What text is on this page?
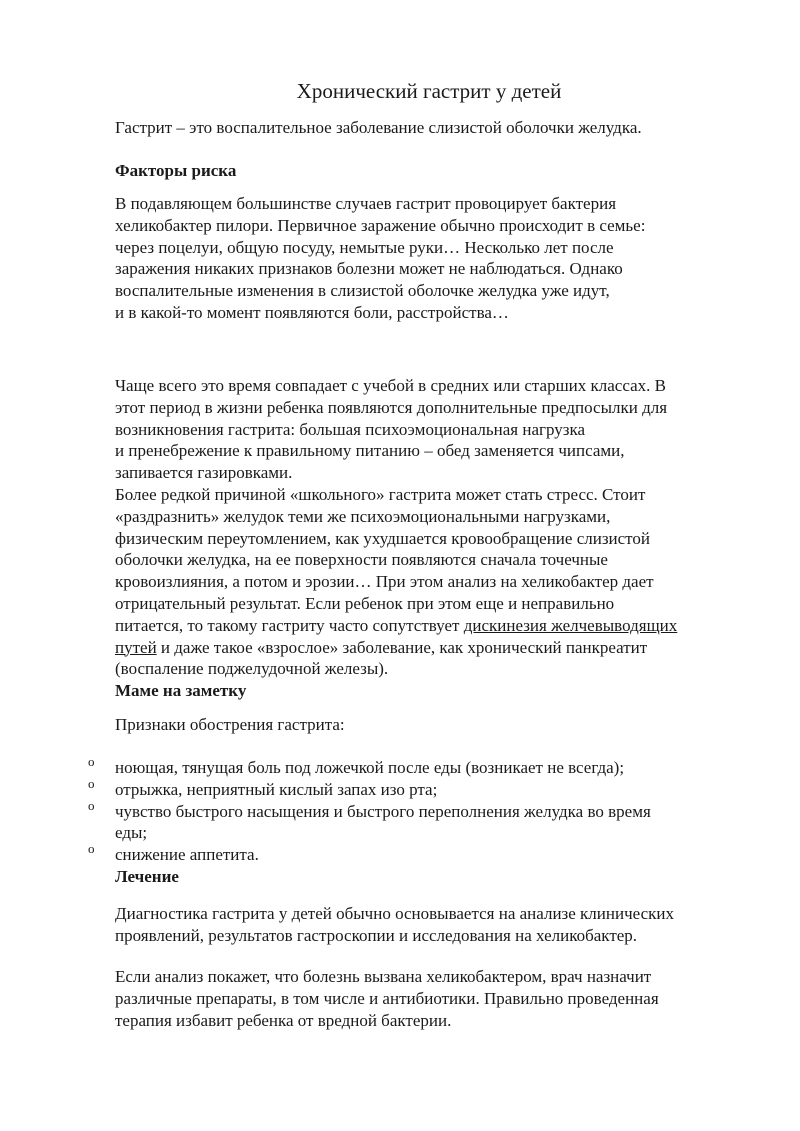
Хронический гастрит у детей

Гастрит – это воспалительное заболевание слизистой оболочки желудка.

Факторы риска

В подавляющем большинстве случаев гастрит провоцирует бактерия
хеликобактер пилори. Первичное заражение обычно происходит в семье:
через поцелуи, общую посуду, немытые руки… Несколько лет после
заражения никаких признаков болезни может не наблюдаться. Однако
воспалительные изменения в слизистой оболочке желудка уже идут,
и в какой-то момент появляются боли, расстройства…

Чаще всего это время совпадает с учебой в средних или старших классах. В
этот период в жизни ребенка появляются дополнительные предпосылки для
возникновения гастрита: большая психоэмоциональная нагрузка
и пренебрежение к правильному питанию – обед заменяется чипсами,
запивается газировками.

Более редкой причиной «школьного» гастрита может стать стресс. Стоит
«раздразнить» желудок теми же психоэмоциональными нагрузками,
физическим переутомлением, как ухудшается кровообращение слизистой
оболочки желудка, на ее поверхности появляются сначала точечные
кровоизлияния, а потом и эрозии… При этом анализ на хеликобактер дает
отрицательный результат. Если ребенок при этом еще и неправильно
питается, то такому гастриту часто сопутствует дискинезия желчевыводящих
путей и даже такое «взрослое» заболевание, как хронический панкреатит
(воспаление поджелудочной железы).

Маме на заметку

Признаки обострения гастрита:

o ноющая, тянущая боль под ложечкой после еды (возникает не всегда);
o отрыжка, неприятный кислый запах изо рта;
o чувство быстрого насыщения и быстрого переполнения желудка во время
еды;
o снижение аппетита.

Лечение

Диагностика гастрита у детей обычно основывается на анализе клинических
проявлений, результатов гастроскопии и исследования на хеликобактер.

Если анализ покажет, что болезнь вызвана хеликобактером, врач назначит
различные препараты, в том числе и антибиотики. Правильно проведенная
терапия избавит ребенка от вредной бактерии.
